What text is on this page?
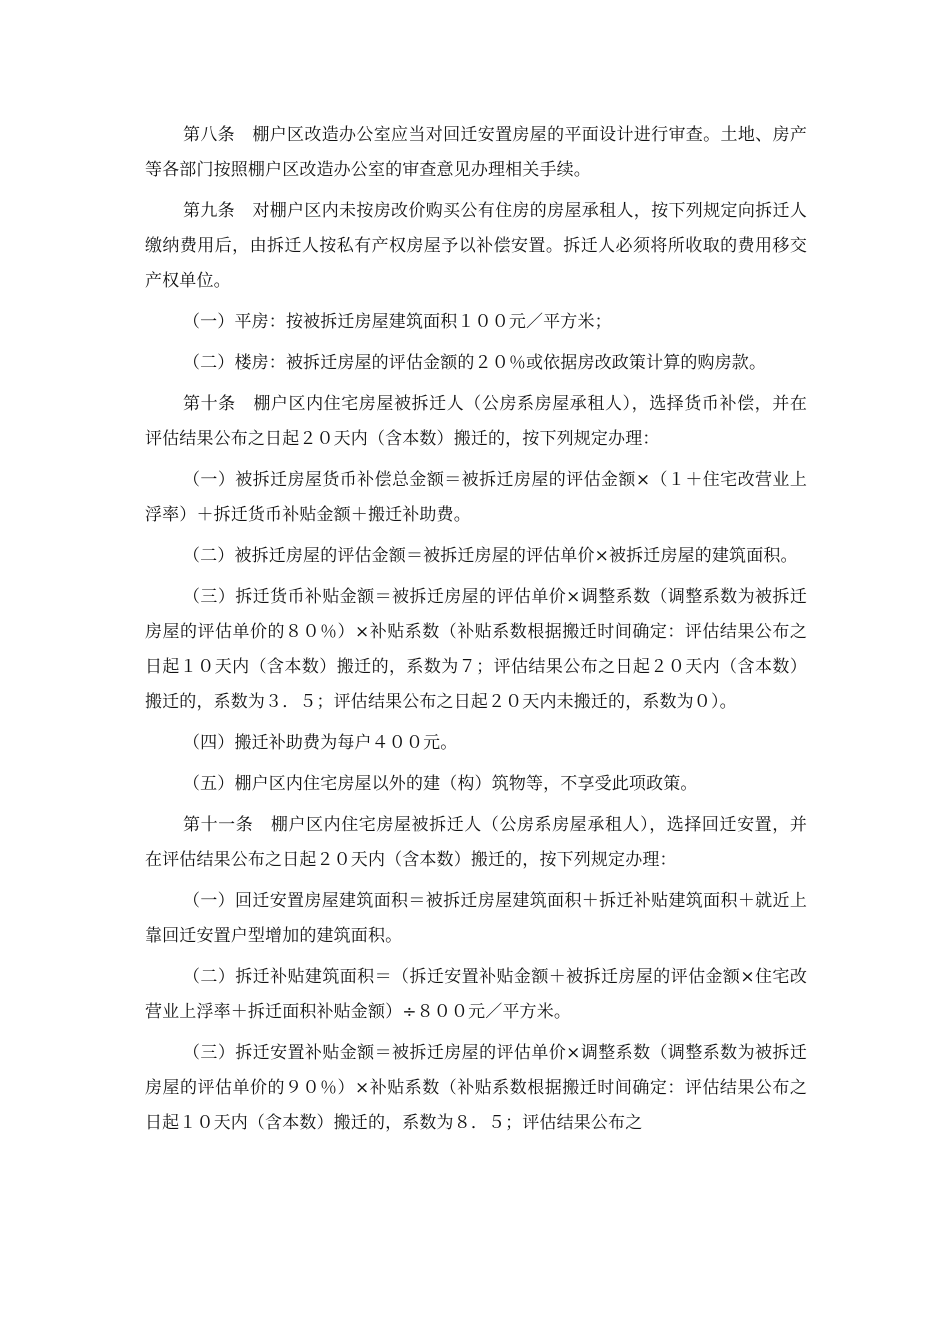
第八条　棚户区改造办公室应当对回迁安置房屋的平面设计进行审查。土地、房产等各部门按照棚户区改造办公室的审查意见办理相关手续。

第九条　对棚户区内未按房改价购买公有住房的房屋承租人，按下列规定向拆迁人缴纳费用后，由拆迁人按私有产权房屋予以补偿安置。拆迁人必须将所收取的费用移交产权单位。

（一）平房：按被拆迁房屋建筑面积１００元／平方米；

（二）楼房：被拆迁房屋的评估金额的２０％或依据房改政策计算的购房款。

第十条　棚户区内住宅房屋被拆迁人（公房系房屋承租人），选择货币补偿，并在评估结果公布之日起２０天内（含本数）搬迁的，按下列规定办理：

（一）被拆迁房屋货币补偿总金额＝被拆迁房屋的评估金额×（１＋住宅改营业上浮率）＋拆迁货币补贴金额＋搬迁补助费。

（二）被拆迁房屋的评估金额＝被拆迁房屋的评估单价×被拆迁房屋的建筑面积。

（三）拆迁货币补贴金额＝被拆迁房屋的评估单价×调整系数（调整系数为被拆迁房屋的评估单价的８０％）×补贴系数（补贴系数根据搬迁时间确定：评估结果公布之日起１０天内（含本数）搬迁的，系数为７；评估结果公布之日起２０天内（含本数）搬迁的，系数为３．５；评估结果公布之日起２０天内未搬迁的，系数为０）。

（四）搬迁补助费为每户４００元。

（五）棚户区内住宅房屋以外的建（构）筑物等，不享受此项政策。

第十一条　棚户区内住宅房屋被拆迁人（公房系房屋承租人），选择回迁安置，并在评估结果公布之日起２０天内（含本数）搬迁的，按下列规定办理：

（一）回迁安置房屋建筑面积＝被拆迁房屋建筑面积＋拆迁补贴建筑面积＋就近上靠回迁安置户型增加的建筑面积。

（二）拆迁补贴建筑面积＝（拆迁安置补贴金额＋被拆迁房屋的评估金额×住宅改营业上浮率＋拆迁面积补贴金额）÷８００元／平方米。

（三）拆迁安置补贴金额＝被拆迁房屋的评估单价×调整系数（调整系数为被拆迁房屋的评估单价的９０％）×补贴系数（补贴系数根据搬迁时间确定：评估结果公布之日起１０天内（含本数）搬迁的，系数为８．５；评估结果公布之
